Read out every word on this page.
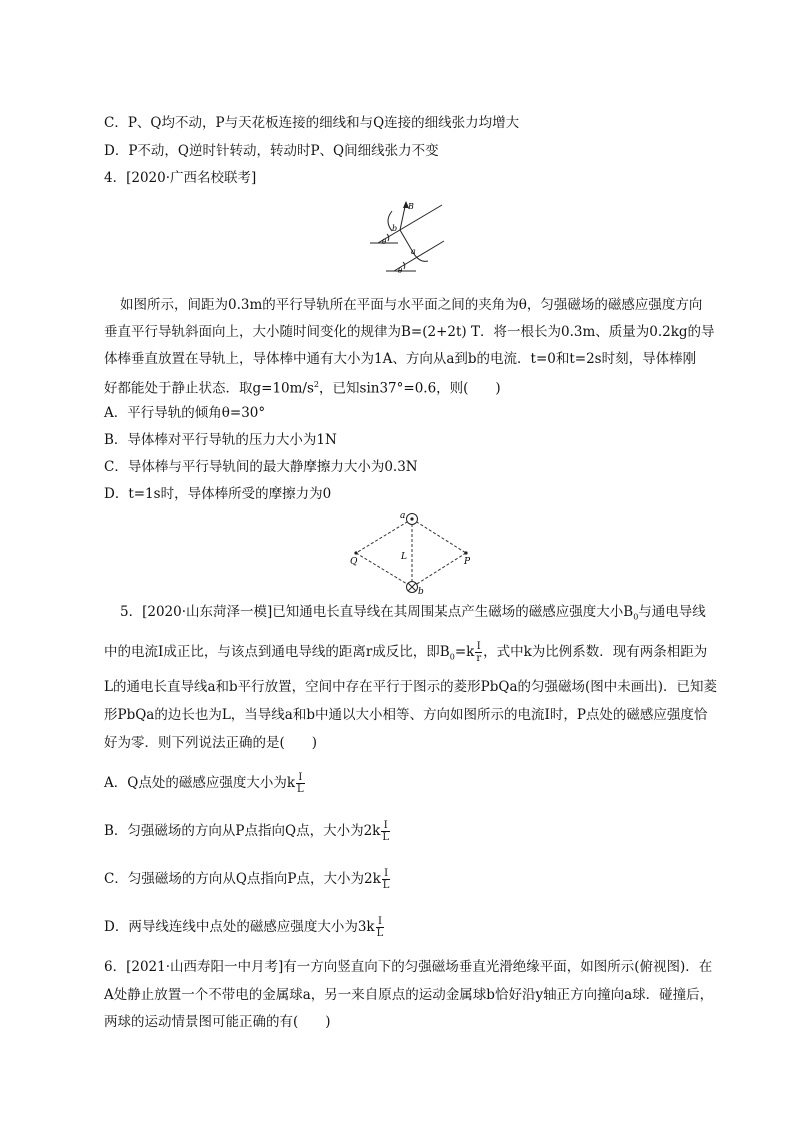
C．P、Q均不动，P与天花板连接的细线和与Q连接的细线张力均增大
D．P不动，Q逆时针转动，转动时P、Q间细线张力不变
4．[2020·广西名校联考]
B
b
a
θ
θ
如图所示，间距为0.3m的平行导轨所在平面与水平面之间的夹角为θ，匀强磁场的磁感应强度方向
垂直平行导轨斜面向上，大小随时间变化的规律为B=(2+2t) T．将一根长为0.3m、质量为0.2kg的导
体棒垂直放置在导轨上，导体棒中通有大小为1A、方向从a到b的电流．t=0和t=2s时刻，导体棒刚
好都能处于静止状态．取$g=10m/s^2$，已知sin37°=0.6，则(　　)
A．平行导轨的倾角θ=30°
B．导体棒对平行导轨的压力大小为1N
C．导体棒与平行导轨间的最大静摩擦力大小为0.3N
D．t=1s时，导体棒所受的摩擦力为0
a
b
Q	P
L
5．[2020·山东菏泽一模]已知通电长直导线在其周围某点产生磁场的磁感应强度大小$B_0$与通电导线
中的电流I成正比，与该点到通电导线的距离r成反比，即$B_0=k \frac{I}{r}$ ，式中k为比例系数．现有两条相距为
L的通电长直导线a和b平行放置，空间中存在平行于图示的菱形PbQa的匀强磁场(图中未画出)．已知菱
形PbQa的边长也为L，当导线a和b中通以大小相等、方向如图所示的电流I时，P点处的磁感应强度恰
好为零．则下列说法正确的是(　　)
A．Q点处的磁感应强度大小为k $\frac{I}{L}$
B．匀强磁场的方向从P点指向Q点，大小为$2k \frac{I}{L}$
C．匀强磁场的方向从Q点指向P点，大小为$2k \frac{I}{L}$
D．两导线连线中点处的磁感应强度大小为$3k \frac{I}{L}$
6．[2021·山西寿阳一中月考]有一方向竖直向下的匀强磁场垂直光滑绝缘平面，如图所示(俯视图)．在
A处静止放置一个不带电的金属球a，另一来自原点的运动金属球b恰好沿y轴正方向撞向a球．碰撞后，
两球的运动情景图可能正确的有(　　)
